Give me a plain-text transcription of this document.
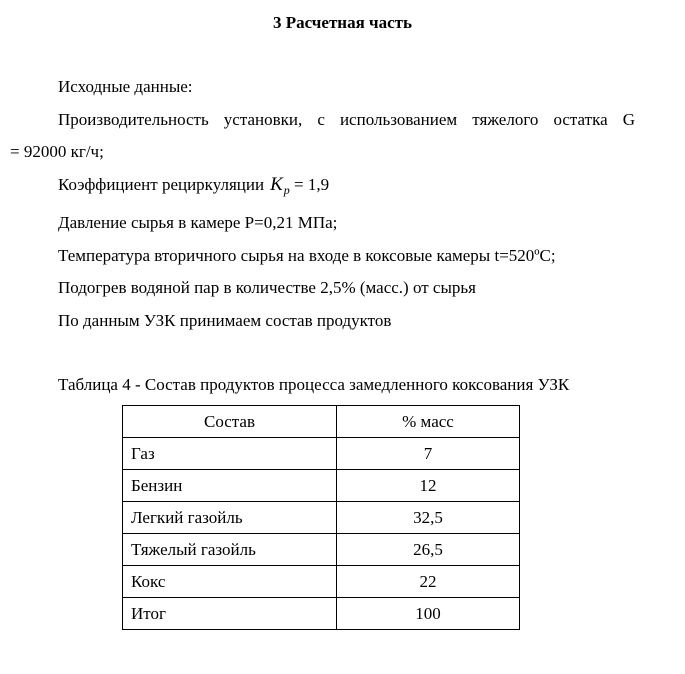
3 Расчетная часть
Исходные данные:
Производительность установки, с использованием тяжелого остатка G
= 92000 кг/ч;
Коэффициент рециркуляции $K_p = 1,9$
Давление сырья в камере Р=0,21 МПа;
Температура вторичного сырья на входе в коксовые камеры t=520ºС;
Подогрев водяной пар в количестве 2,5% (масс.) от сырья
По данным УЗК принимаем состав продуктов
Таблица 4 - Состав продуктов процесса замедленного коксования УЗК
Состав	% масс
Газ	7
Бензин	12
Легкий газойль	32,5
Тяжелый газойль	26,5
Кокс	22
Итог	100
